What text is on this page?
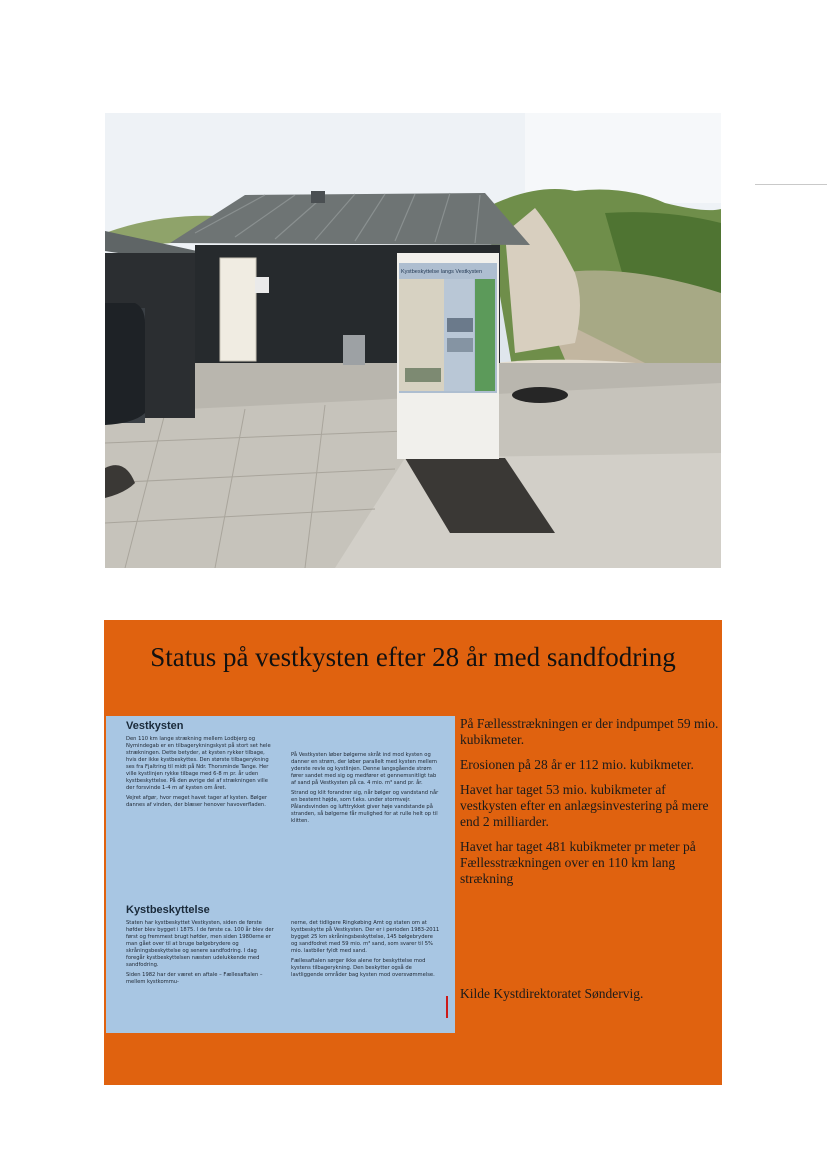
Kystbeskyttelse langs Vestkysten
Status på vestkysten efter 28 år med sandfodring
Vestkysten

Den 110 km lange strækning mellem Lodbjerg og Nymindegab er en tilbagerykningskyst på stort set hele strækningen. Dette betyder, at kysten rykker tilbage, hvis der ikke kystbeskyttes. Den største tilbagerykning ses fra Fjaltring til midt på Ndr. Thorsminde Tange. Her ville kystlinjen rykke tilbage med 6-8 m pr. år uden kystbeskyttelse. På den øvrige del af strækningen ville der forsvinde 1-4 m af kysten om året.

Vejret afgør, hvor meget havet tager af kysten. Bølger dannes af vinden, der blæser henover havoverfladen.

På Vestkysten løber bølgerne skråt ind mod kysten og danner en strøm, der løber parallelt med kysten mellem yderste revle og kystlinjen. Denne langsgående strøm fører sandet med sig og medfører et gennemsnitligt tab af sand på Vestkysten på ca. 4 mio. m³ sand pr. år.

Strand og klit forandrer sig, når bølger og vandstand når en bestemt højde, som f.eks. under stormvejr. Pålandsvinden og lufttrykket giver høje vandstande på stranden, så bølgerne får mulighed for at rulle helt op til klitten.

Kystbeskyttelse

Staten har kystbeskyttet Vestkysten, siden de første høfder blev bygget i 1875. I de første ca. 100 år blev der først og fremmest brugt høfder, men siden 1980erne er man gået over til at bruge bølgebrydere og skråningsbeskyttelse og senere sandfodring. I dag foregår kystbeskyttelsen næsten udelukkende med sandfodring.

Siden 1982 har der været en aftale – Fællesaftalen – mellem kystkommu-

nerne, det tidligere Ringkøbing Amt og staten om at kystbeskytte på Vestkysten. Der er i perioden 1983-2011 bygget 25 km skråningsbeskyttelse, 145 bølgebrydere og sandfodret med 59 mio. m³ sand, som svarer til 5% mio. lastbiler fyldt med sand.

Fællesaftalen sørger ikke alene for beskyttelse mod kystens tilbagerykning. Den beskytter også de lavtliggende områder bag kysten mod oversvømmelse.

På Fællesstrækningen er der indpumpet 59 mio. kubikmeter.

Erosionen på 28 år er 112 mio. kubikmeter.

Havet har taget 53 mio. kubikmeter af vestkysten efter en anlægsinvestering på mere end 2 milliarder.

Havet har taget 481 kubikmeter pr meter på Fællesstrækningen over en 110 km lang strækning

Kilde Kystdirektoratet Søndervig.
